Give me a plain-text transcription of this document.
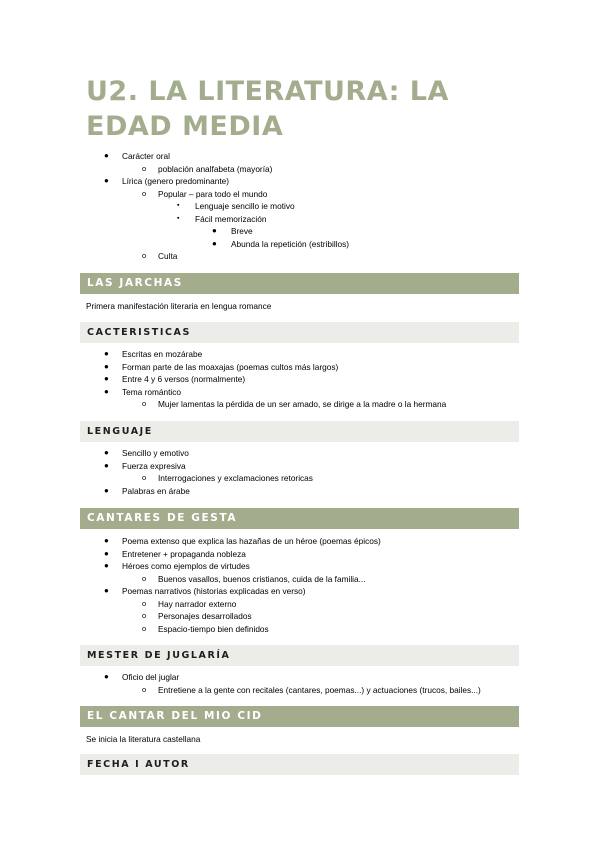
U2. LA LITERATURA: LA EDAD MEDIA
● Carácter oral
o población analfabeta (mayoría)
● Lírica (genero predominante)
o Popular – para todo el mundo
▪ Lenguaje sencillo ie motivo
▪ Fácil memorización
● Breve
● Abunda la repetición (estribillos)
o Culta
LAS JARCHAS
Primera manifestación literaria en lengua romance
CACTERISTICAS
● Escritas en mozárabe
● Forman parte de las moaxajas (poemas cultos más largos)
● Entre 4 y 6 versos (normalmente)
● Tema romántico
o Mujer lamentas la pérdida de un ser amado, se dirige a la madre o la hermana
LENGUAJE
● Sencillo y emotivo
● Fuerza expresiva
o Interrogaciones y exclamaciones retoricas
● Palabras en árabe
CANTARES DE GESTA
● Poema extenso que explica las hazañas de un héroe (poemas épicos)
● Entretener + propaganda nobleza
● Héroes como ejemplos de virtudes
o Buenos vasallos, buenos cristianos, cuida de la familia...
● Poemas narrativos (historias explicadas en verso)
o Hay narrador externo
o Personajes desarrollados
o Espacio-tiempo bien definidos
MESTER DE JUGLARÍA
● Oficio del juglar
o Entretiene a la gente con recitales (cantares, poemas...) y actuaciones (trucos, bailes...)
EL CANTAR DEL MIO CID
Se inicia la literatura castellana
FECHA I AUTOR
